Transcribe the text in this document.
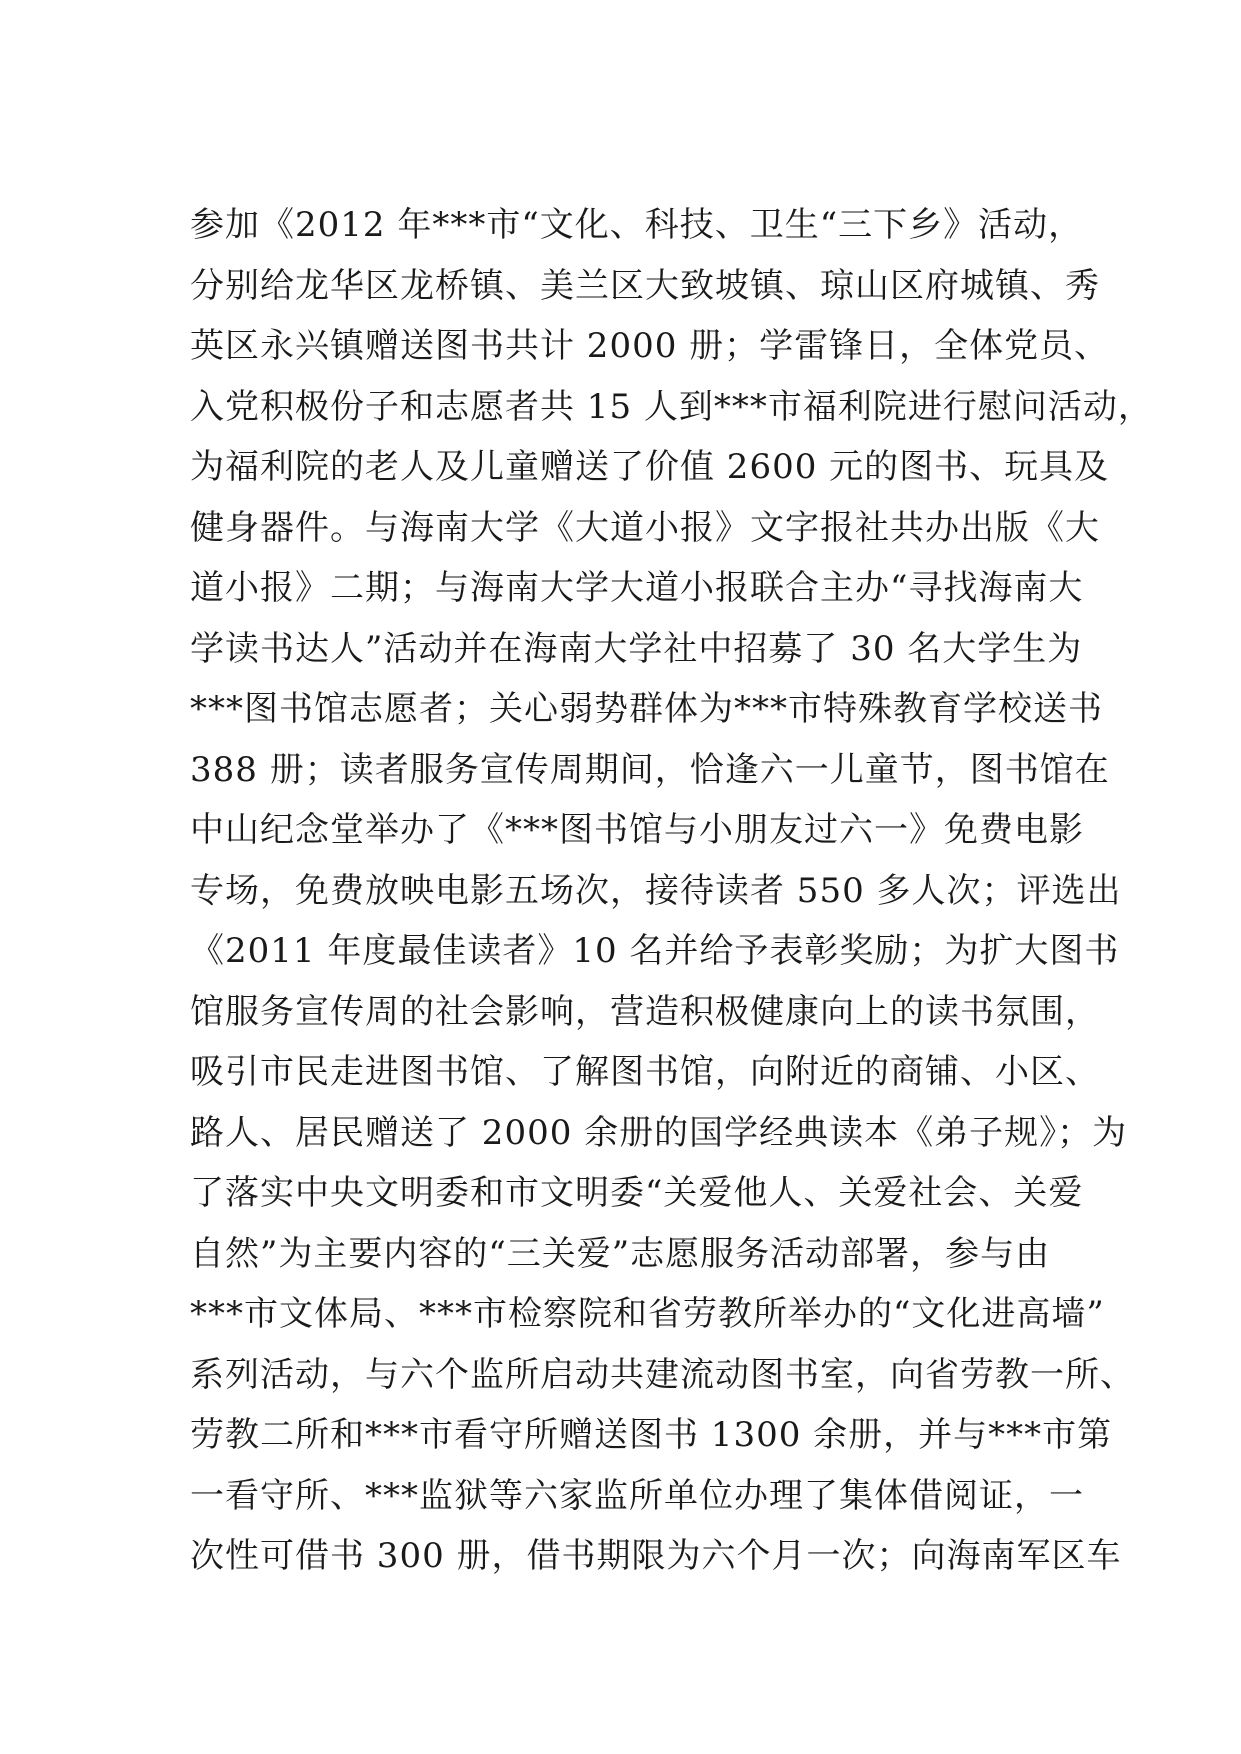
参加《2012 年***市“文化、科技、卫生“三下乡》活动，
分别给龙华区龙桥镇、美兰区大致坡镇、琼山区府城镇、秀
英区永兴镇赠送图书共计 2000 册；学雷锋日，全体党员、
入党积极份子和志愿者共 15 人到***市福利院进行慰问活动，
为福利院的老人及儿童赠送了价值 2600 元的图书、玩具及
健身器件。与海南大学《大道小报》文字报社共办出版《大
道小报》二期；与海南大学大道小报联合主办“寻找海南大
学读书达人”活动并在海南大学社中招募了 30 名大学生为
***图书馆志愿者；关心弱势群体为***市特殊教育学校送书
388 册；读者服务宣传周期间，恰逢六一儿童节，图书馆在
中山纪念堂举办了《***图书馆与小朋友过六一》免费电影
专场，免费放映电影五场次，接待读者 550 多人次；评选出
《2011 年度最佳读者》10 名并给予表彰奖励；为扩大图书
馆服务宣传周的社会影响，营造积极健康向上的读书氛围，
吸引市民走进图书馆、了解图书馆，向附近的商铺、小区、
路人、居民赠送了 2000 余册的国学经典读本《弟子规》；为
了落实中央文明委和市文明委“关爱他人、关爱社会、关爱
自然”为主要内容的“三关爱”志愿服务活动部署，参与由
***市文体局、***市检察院和省劳教所举办的“文化进高墙”
系列活动，与六个监所启动共建流动图书室，向省劳教一所、
劳教二所和***市看守所赠送图书 1300 余册，并与***市第
一看守所、***监狱等六家监所单位办理了集体借阅证，一
次性可借书 300 册，借书期限为六个月一次；向海南军区车
